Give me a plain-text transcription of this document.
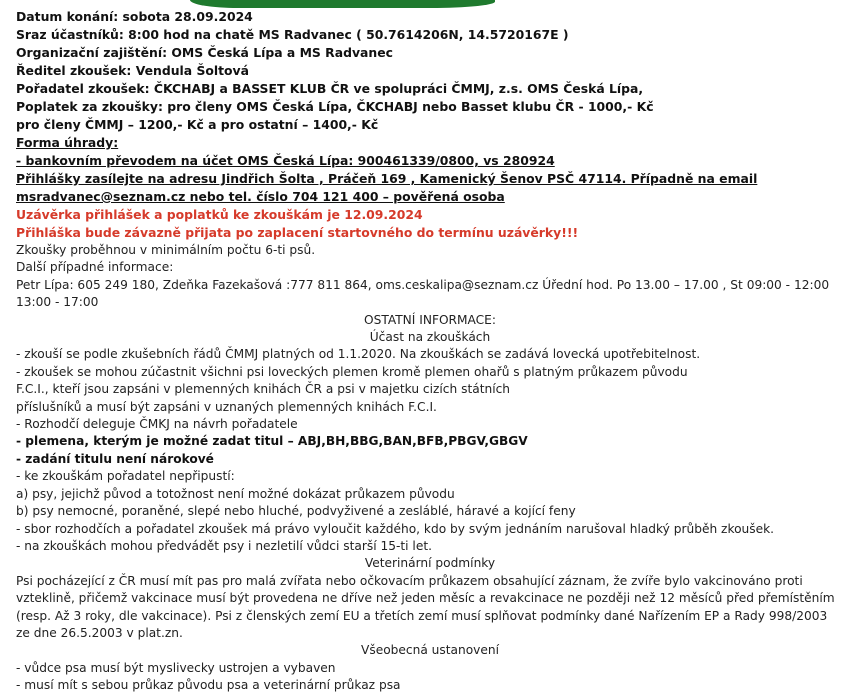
Datum konání: sobota 28.09.2024
Sraz účastníků: 8:00 hod na chatě MS Radvanec ( 50.7614206N, 14.5720167E )
Organizační zajištění: OMS Česká Lípa a MS Radvanec
Ředitel zkoušek: Vendula Šoltová
Pořadatel zkoušek: ČKCHABJ a BASSET KLUB ČR ve spolupráci ČMMJ, z.s. OMS Česká Lípa,
Poplatek za zkoušky: pro členy OMS Česká Lípa, ČKCHABJ nebo Basset klubu ČR - 1000,- Kč
pro členy ČMMJ – 1200,- Kč a pro ostatní – 1400,- Kč
Forma úhrady:
- bankovním převodem na účet OMS Česká Lípa: 900461339/0800, vs 280924
Přihlášky zasílejte na adresu Jindřich Šolta , Práčeň 169 , Kamenický Šenov PSČ 47114. Případně na email
msradvanec@seznam.cz nebo tel. číslo 704 121 400 – pověřená osoba
Uzávěrka přihlášek a poplatků ke zkouškám je 12.09.2024
Přihláška bude závazně přijata po zaplacení startovného do termínu uzávěrky!!!
Zkoušky proběhnou v minimálním počtu 6-ti psů.
Další případné informace:
Petr Lípa: 605 249 180, Zdeňka Fazekašová :777 811 864, oms.ceskalipa@seznam.cz Úřední hod. Po 13.00 – 17.00 , St 09:00 - 12:00
13:00 - 17:00
OSTATNÍ INFORMACE:
Účast na zkouškách
- zkouší se podle zkušebních řádů ČMMJ platných od 1.1.2020. Na zkouškách se zadává lovecká upotřebitelnost.
- zkoušek se mohou zúčastnit všichni psi loveckých plemen kromě plemen ohařů s platným průkazem původu
F.C.I., kteří jsou zapsáni v plemenných knihách ČR a psi v majetku cizích státních
příslušníků a musí být zapsáni v uznaných plemenných knihách F.C.I.
- Rozhodčí deleguje ČMKJ na návrh pořadatele
- plemena, kterým je možné zadat titul – ABJ,BH,BBG,BAN,BFB,PBGV,GBGV
- zadání titulu není nárokové
- ke zkouškám pořadatel nepřipustí:
a) psy, jejichž původ a totožnost není možné dokázat průkazem původu
b) psy nemocné, poraněné, slepé nebo hluché, podvyživené a zesláblé, háravé a kojící feny
- sbor rozhodčích a pořadatel zkoušek má právo vyloučit každého, kdo by svým jednáním narušoval hladký průběh zkoušek.
- na zkouškách mohou předvádět psy i nezletilí vůdci starší 15-ti let.
Veterinární podmínky
Psi pocházející z ČR musí mít pas pro malá zvířata nebo očkovacím průkazem obsahující záznam, že zvíře bylo vakcinováno proti
vzteklině, přičemž vakcinace musí být provedena ne dříve než jeden měsíc a revakcinace ne později než 12 měsíců před přemístěním
(resp. Až 3 roky, dle vakcinace). Psi z členských zemí EU a třetích zemí musí splňovat podmínky dané Nařízením EP a Rady 998/2003
ze dne 26.5.2003 v plat.zn.
Všeobecná ustanovení
- vůdce psa musí být myslivecky ustrojen a vybaven
- musí mít s sebou průkaz původu psa a veterinární průkaz psa
